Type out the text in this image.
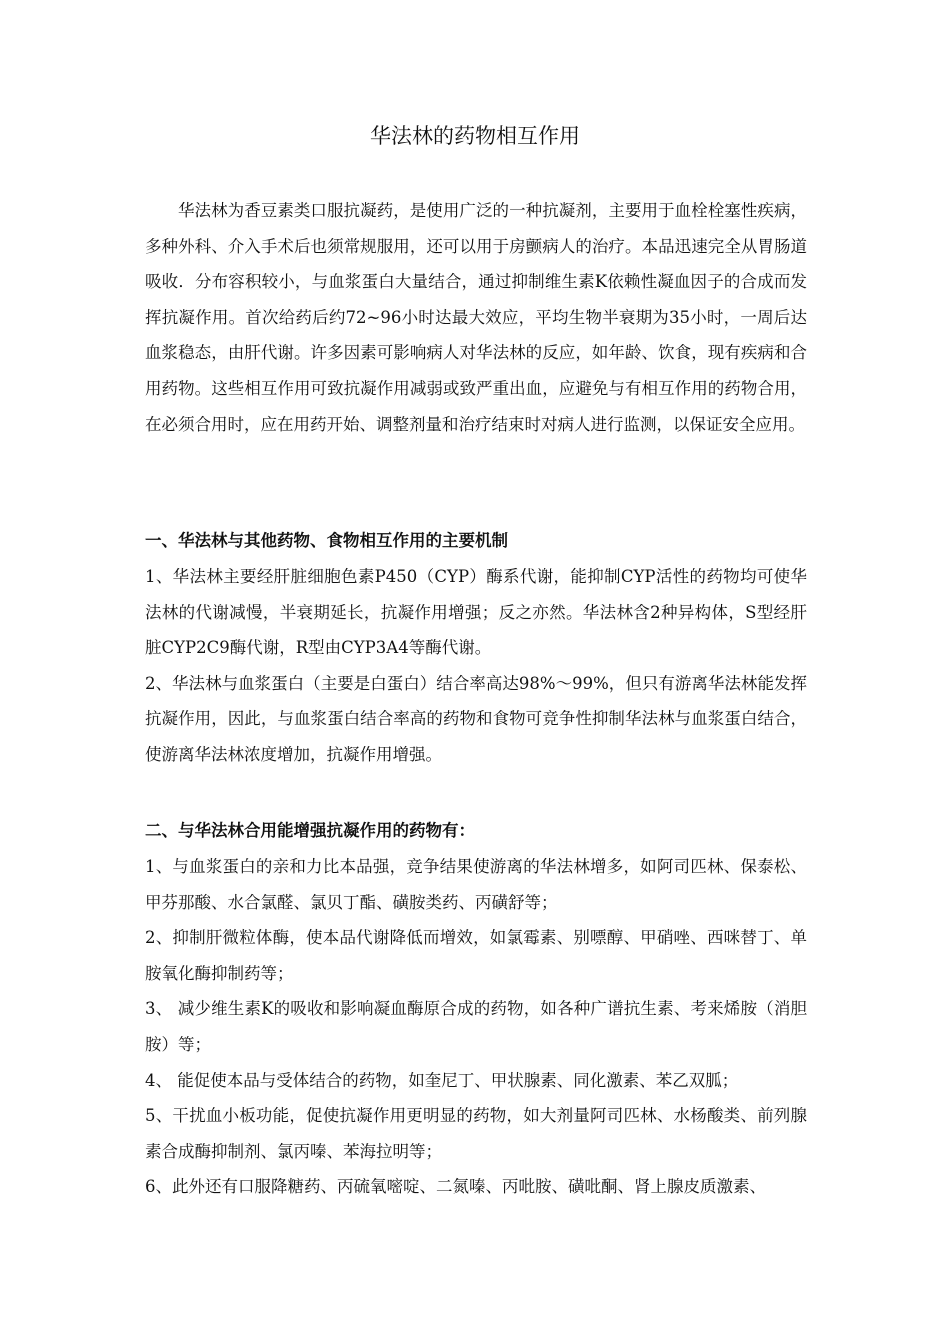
华法林的药物相互作用

华法林为香豆素类口服抗凝药，是使用广泛的一种抗凝剂，主要用于血栓栓塞性疾病，多种外科、介入手术后也须常规服用，还可以用于房颤病人的治疗。本品迅速完全从胃肠道吸收．分布容积较小，与血浆蛋白大量结合，通过抑制维生素K依赖性凝血因子的合成而发挥抗凝作用。首次给药后约72~96小时达最大效应，平均生物半衰期为35小时，一周后达血浆稳态，由肝代谢。许多因素可影响病人对华法林的反应，如年龄、饮食，现有疾病和合用药物。这些相互作用可致抗凝作用减弱或致严重出血，应避免与有相互作用的药物合用，在必须合用时，应在用药开始、调整剂量和治疗结束时对病人进行监测，以保证安全应用。

一、华法林与其他药物、食物相互作用的主要机制

1、华法林主要经肝脏细胞色素P450（CYP）酶系代谢，能抑制CYP活性的药物均可使华法林的代谢减慢，半衰期延长，抗凝作用增强；反之亦然。华法林含2种异构体，S型经肝脏CYP2C9酶代谢，R型由CYP3A4等酶代谢。

2、华法林与血浆蛋白（主要是白蛋白）结合率高达98%～99%，但只有游离华法林能发挥抗凝作用，因此，与血浆蛋白结合率高的药物和食物可竞争性抑制华法林与血浆蛋白结合，使游离华法林浓度增加，抗凝作用增强。

二、与华法林合用能增强抗凝作用的药物有：

1、与血浆蛋白的亲和力比本品强，竞争结果使游离的华法林增多，如阿司匹林、保泰松、甲芬那酸、水合氯醛、氯贝丁酯、磺胺类药、丙磺舒等；

2、抑制肝微粒体酶，使本品代谢降低而增效，如氯霉素、别嘌醇、甲硝唑、西咪替丁、单胺氧化酶抑制药等；

3、 减少维生素K的吸收和影响凝血酶原合成的药物，如各种广谱抗生素、考来烯胺（消胆胺）等；

4、 能促使本品与受体结合的药物，如奎尼丁、甲状腺素、同化激素、苯乙双胍；

5、干扰血小板功能，促使抗凝作用更明显的药物，如大剂量阿司匹林、水杨酸类、前列腺素合成酶抑制剂、氯丙嗪、苯海拉明等；

6、此外还有口服降糖药、丙硫氧嘧啶、二氮嗪、丙吡胺、磺吡酮、肾上腺皮质激素、
